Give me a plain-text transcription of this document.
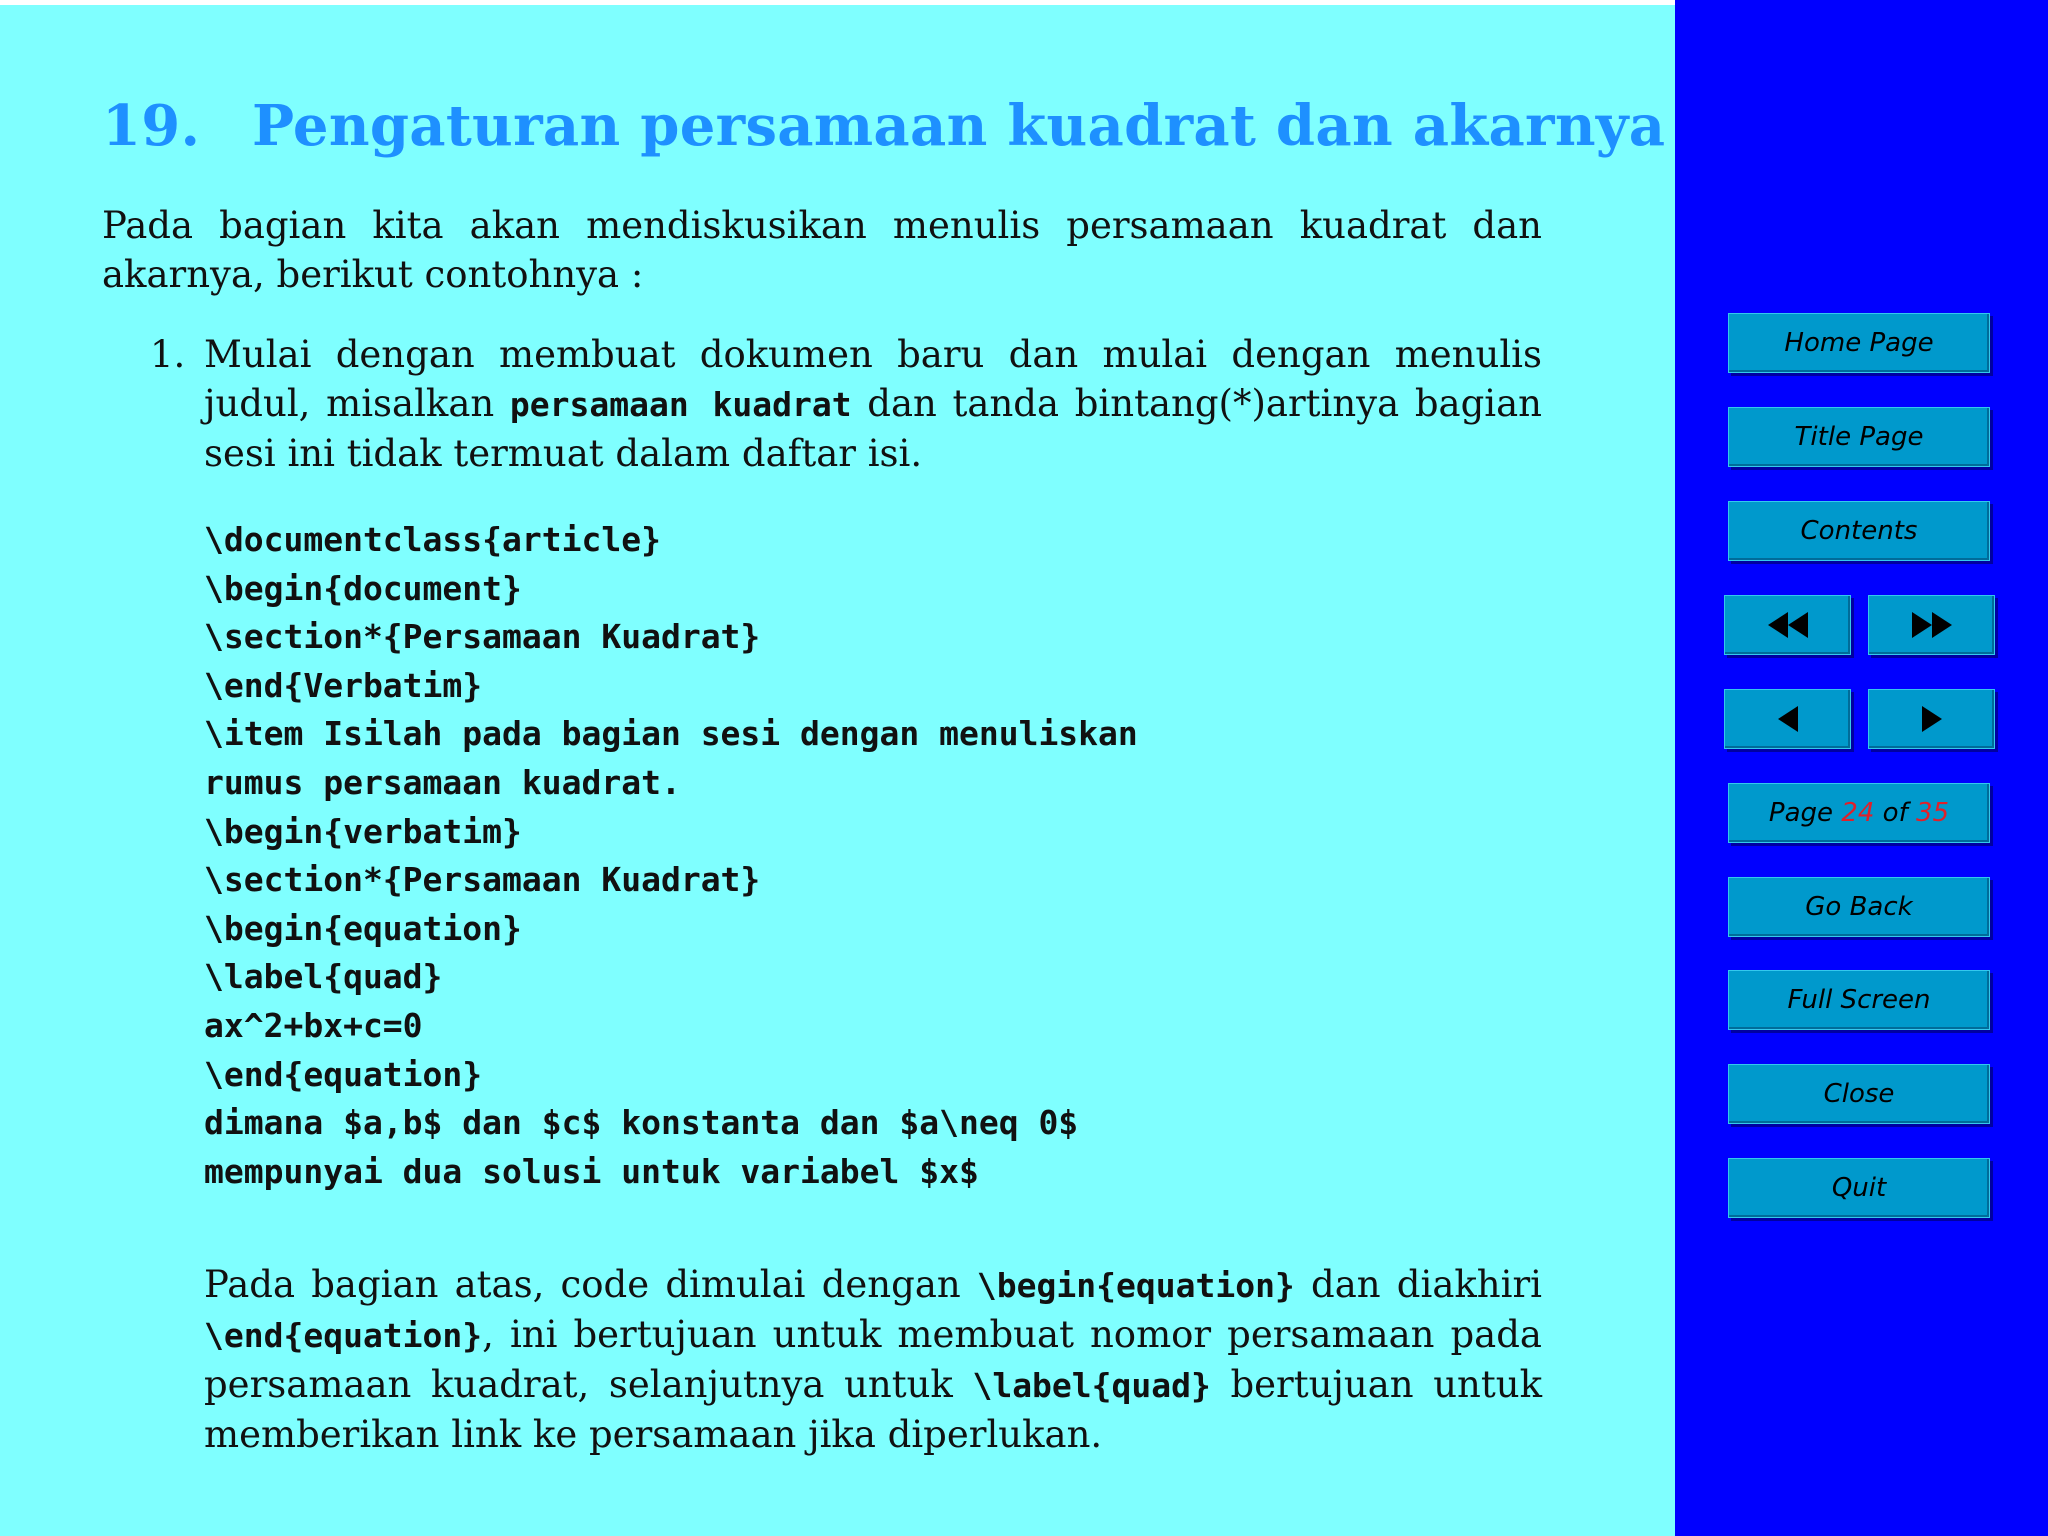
19. Pengaturan persamaan kuadrat dan akarnya
Pada bagian kita akan mendiskusikan menulis persamaan kuadrat dan akarnya, berikut contohnya :
1. Mulai dengan membuat dokumen baru dan mulai dengan menulis judul, misalkan persamaan kuadrat dan tanda bintang(*)artinya bagian sesi ini tidak termuat dalam daftar isi.
\documentclass{article}
\begin{document}
\section*{Persamaan Kuadrat}
\end{Verbatim}
\item Isilah pada bagian sesi dengan menuliskan
rumus persamaan kuadrat.
\begin{verbatim}
\section*{Persamaan Kuadrat}
\begin{equation}
\label{quad}
ax^2+bx+c=0
\end{equation}
dimana $a,b$ dan $c$ konstanta dan $a\neq 0$
mempunyai dua solusi untuk variabel $x$
Pada bagian atas, code dimulai dengan \begin{equation} dan diakhiri \end{equation}, ini bertujuan untuk membuat nomor persamaan pada persamaan kuadrat, selanjutnya untuk \label{quad} bertujuan untuk memberikan link ke persamaan jika diperlukan.
Home Page
Title Page
Contents
Page
24
of
35
Go Back
Full Screen
Close
Quit
